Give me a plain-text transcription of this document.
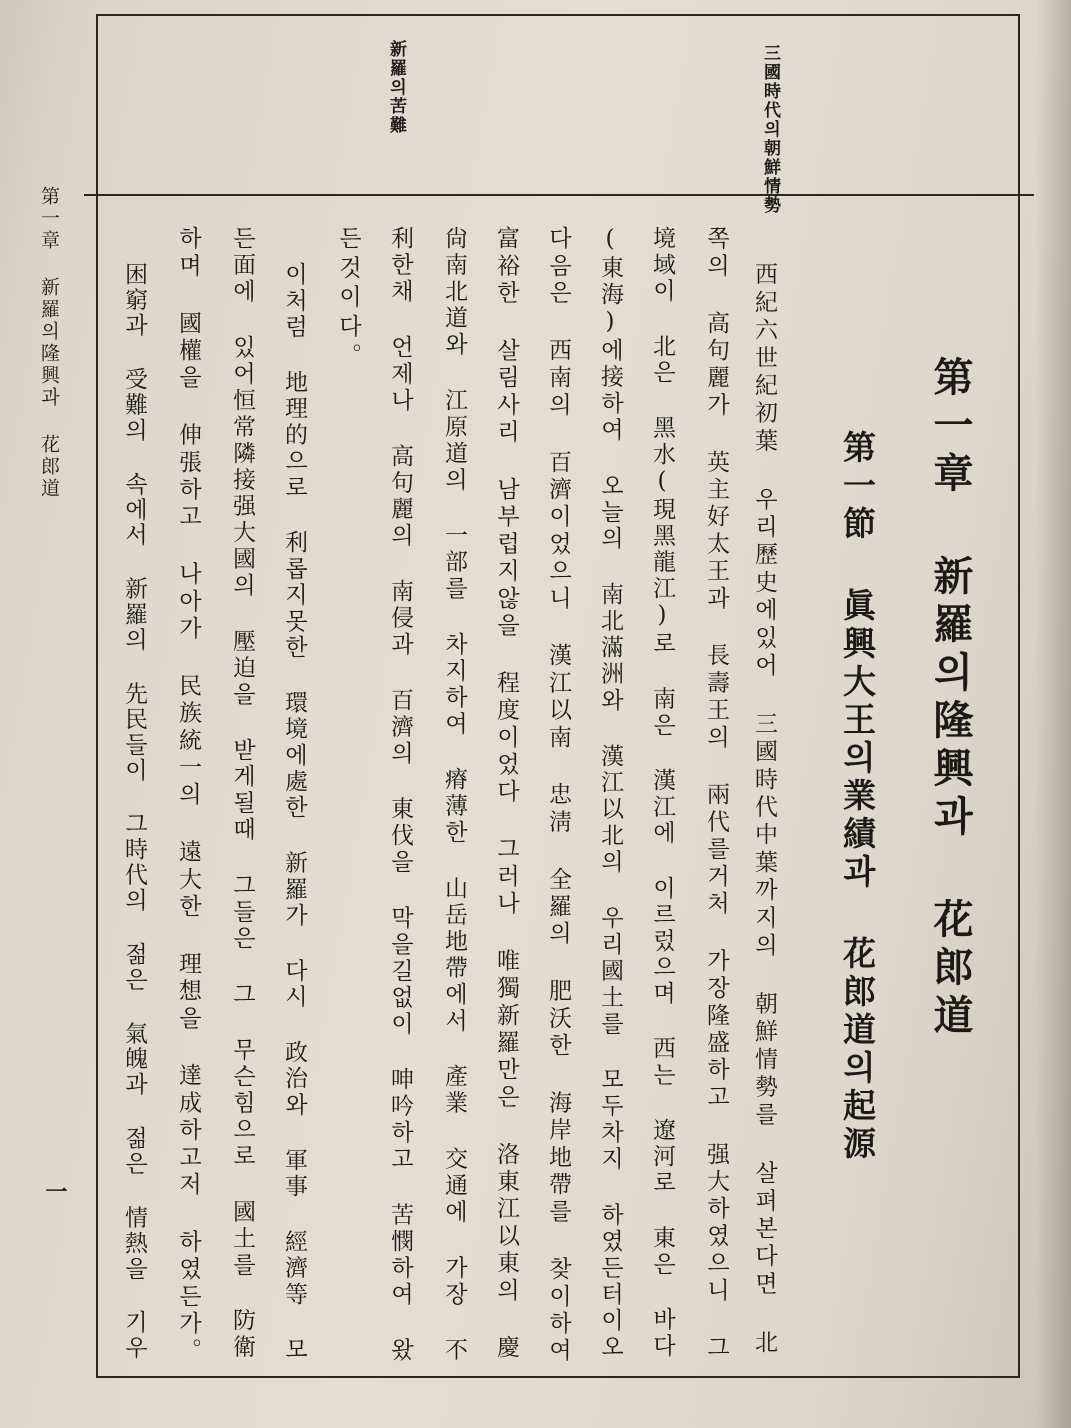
三國時代의朝鮮情勢
新羅의苦難
第一章 新羅의隆興과 花郎道
一
第一章 新羅의隆興과 花郎道
第一節 眞興大王의業績과 花郎道의起源
西紀六世紀初葉 우리歷史에있어 三國時代中葉까지의 朝鮮情勢를 살펴본다면 北
쪽의 高句麗가 英主好太王과 長壽王의 兩代를거처 가장隆盛하고 强大하였으니 그
境域이 北은 黑水(現黑龍江)로 南은 漢江에 이르렀으며 西는 遼河로 東은 바다
(東海)에接하여 오늘의 南北滿洲와 漢江以北의 우리國土를 모두차지 하였든터이오
다음은 西南의 百濟이었으니 漢江以南 忠淸 全羅의 肥沃한 海岸地帶를 찾이하여
富裕한 살림사리 남부럽지않을 程度이었다 그러나 唯獨新羅만은 洛東江以東의 慶
尙南北道와 江原道의 一部를 차지하여 瘠薄한 山岳地帶에서 產業 交通에 가장 不
利한채 언제나 高句麗의 南侵과 百濟의 東伐을 막을길없이 呻吟하고 苦憫하여 왔
든것이다。
이처럼 地理的으로 利롭지못한 環境에處한 新羅가 다시 政治와 軍事 經濟等 모
든面에 있어恒常隣接强大國의 壓迫을 받게될때 그들은 그 무슨힘으로 國土를 防衛
하며 國權을 伸張하고 나아가 民族統一의 遠大한 理想을 達成하고저 하였든가。
困窮과 受難의 속에서 新羅의 先民들이 그時代의 젊은 氣魄과 젊은 情熱을 기우
